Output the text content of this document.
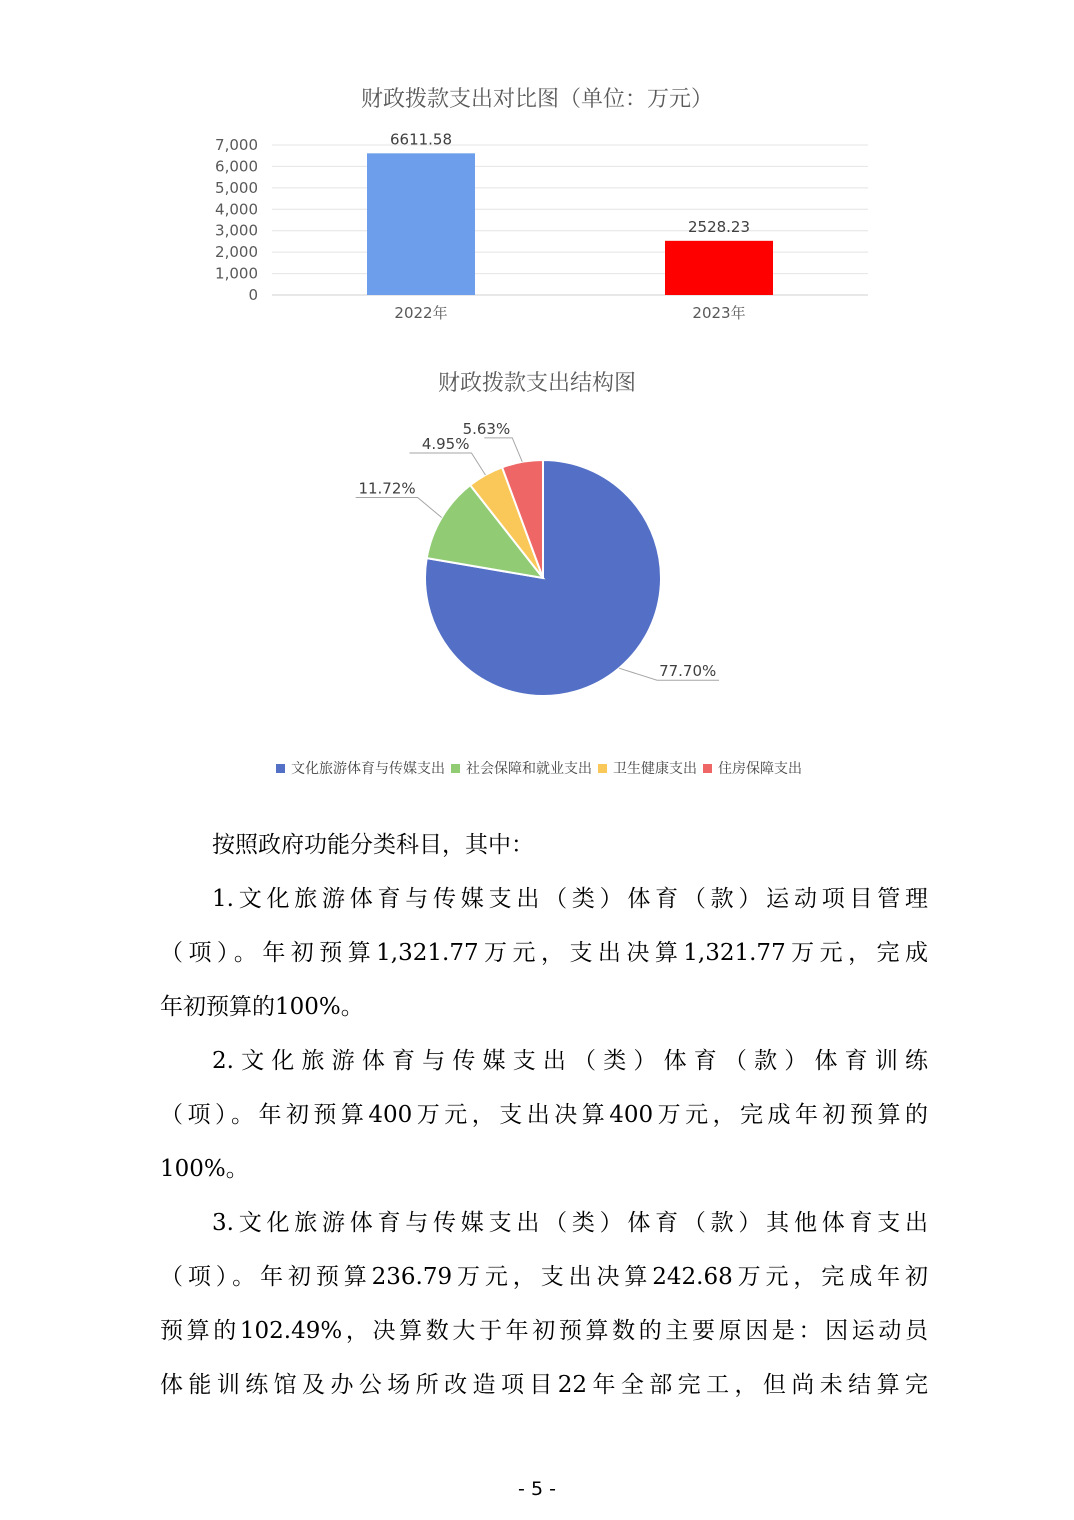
财政拨款支出对比图（单位：万元）
0
1,000
2,000
3,000
4,000
5,000
6,000
7,000	6611.58
2022年
2528.23
2023年
财政拨款支出结构图
77.70%
11.72%
4.95%
5.63%
文化旅游体育与传媒支出 社会保障和就业支出 卫生健康支出 住房保障支出
按照政府功能分类科目，其中：
1.文化旅游体育与传媒支出（类）体育（款）运动项目管理
（项）。年初预算1,321.77万元，支出决算1,321.77万元，完成
年初预算的100%。
2.文化旅游体育与传媒支出（类）体育（款）体育训练
（项）。年初预算400万元，支出决算400万元，完成年初预算的
100%。
3.文化旅游体育与传媒支出（类）体育（款）其他体育支出
（项）。年初预算236.79万元，支出决算242.68万元，完成年初
预算的102.49%，决算数大于年初预算数的主要原因是：因运动员
体能训练馆及办公场所改造项目22年全部完工，但尚未结算完
- 5 -
